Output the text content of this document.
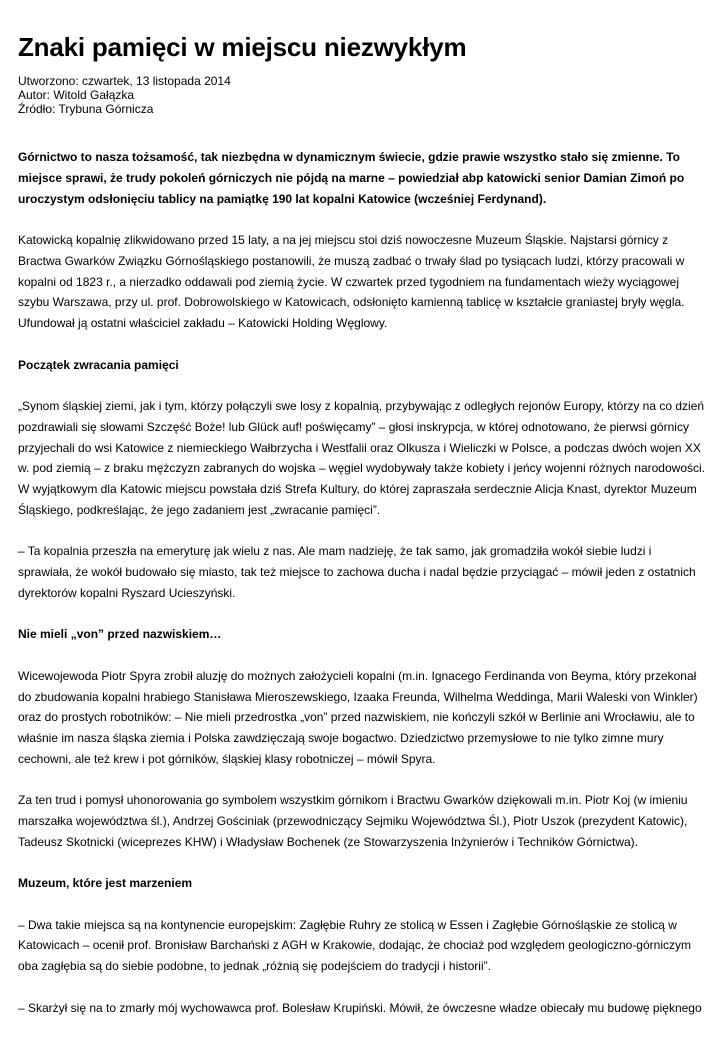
Znaki pamięci w miejscu niezwykłym
Utworzono: czwartek, 13 listopada 2014
Autor: Witold Gałązka
Źródło: Trybuna Górnicza

Górnictwo to nasza tożsamość, tak niezbędna w dynamicznym świecie, gdzie prawie wszystko stało się zmienne. To miejsce sprawi, że trudy pokoleń górniczych nie pójdą na marne – powiedział abp katowicki senior Damian Zimoń po uroczystym odsłonięciu tablicy na pamiątkę 190 lat kopalni Katowice (wcześniej Ferdynand).

Katowicką kopalnię zlikwidowano przed 15 laty, a na jej miejscu stoi dziś nowoczesne Muzeum Śląskie. Najstarsi górnicy z Bractwa Gwarków Związku Górnośląskiego postanowili, że muszą zadbać o trwały ślad po tysiącach ludzi, którzy pracowali w kopalni od 1823 r., a nierzadko oddawali pod ziemią życie. W czwartek przed tygodniem na fundamentach wieży wyciągowej szybu Warszawa, przy ul. prof. Dobrowolskiego w Katowicach, odsłonięto kamienną tablicę w kształcie graniastej bryły węgla. Ufundował ją ostatni właściciel zakładu – Katowicki Holding Węglowy.

Początek zwracania pamięci

„Synom śląskiej ziemi, jak i tym, którzy połączyli swe losy z kopalnią, przybywając z odległych rejonów Europy, którzy na co dzień pozdrawiali się słowami Szczęść Boże! lub Glück auf! poświęcamy” – głosi inskrypcja, w której odnotowano, że pierwsi górnicy przyjechali do wsi Katowice z niemieckiego Wałbrzycha i Westfalii oraz Olkusza i Wieliczki w Polsce, a podczas dwóch wojen XX w. pod ziemią – z braku mężczyzn zabranych do wojska – węgiel wydobywały także kobiety i jeńcy wojenni różnych narodowości. W wyjątkowym dla Katowic miejscu powstała dziś Strefa Kultury, do której zapraszała serdecznie Alicja Knast, dyrektor Muzeum Śląskiego, podkreślając, że jego zadaniem jest „zwracanie pamięci”.

– Ta kopalnia przeszła na emeryturę jak wielu z nas. Ale mam nadzieję, że tak samo, jak gromadziła wokół siebie ludzi i sprawiała, że wokół budowało się miasto, tak też miejsce to zachowa ducha i nadal będzie przyciągać – mówił jeden z ostatnich dyrektorów kopalni Ryszard Ucieszyński.

Nie mieli „von” przed nazwiskiem…

Wicewojewoda Piotr Spyra zrobił aluzję do możnych założycieli kopalni (m.in. Ignacego Ferdinanda von Beyma, który przekonał do zbudowania kopalni hrabiego Stanisława Mieroszewskiego, Izaaka Freunda, Wilhelma Weddinga, Marii Waleski von Winkler) oraz do prostych robotników: – Nie mieli przedrostka „von” przed nazwiskiem, nie kończyli szkół w Berlinie ani Wrocławiu, ale to właśnie im nasza śląska ziemia i Polska zawdzięczają swoje bogactwo. Dziedzictwo przemysłowe to nie tylko zimne mury cechowni, ale też krew i pot górników, śląskiej klasy robotniczej – mówił Spyra.

Za ten trud i pomysł uhonorowania go symbolem wszystkim górnikom i Bractwu Gwarków dziękowali m.in. Piotr Koj (w imieniu marszałka województwa śl.), Andrzej Gościniak (przewodniczący Sejmiku Województwa Śl.), Piotr Uszok (prezydent Katowic), Tadeusz Skotnicki (wiceprezes KHW) i Władysław Bochenek (ze Stowarzyszenia Inżynierów i Techników Górnictwa).

Muzeum, które jest marzeniem

– Dwa takie miejsca są na kontynencie europejskim: Zagłębie Ruhry ze stolicą w Essen i Zagłębie Górnośląskie ze stolicą w Katowicach – ocenił prof. Bronisław Barchański z AGH w Krakowie, dodając, że chociaż pod względem geologiczno-górniczym oba zagłębia są do siebie podobne, to jednak „różnią się podejściem do tradycji i historii”.

– Skarżył się na to zmarły mój wychowawca prof. Bolesław Krupiński. Mówił, że ówczesne władze obiecały mu budowę pięknego
